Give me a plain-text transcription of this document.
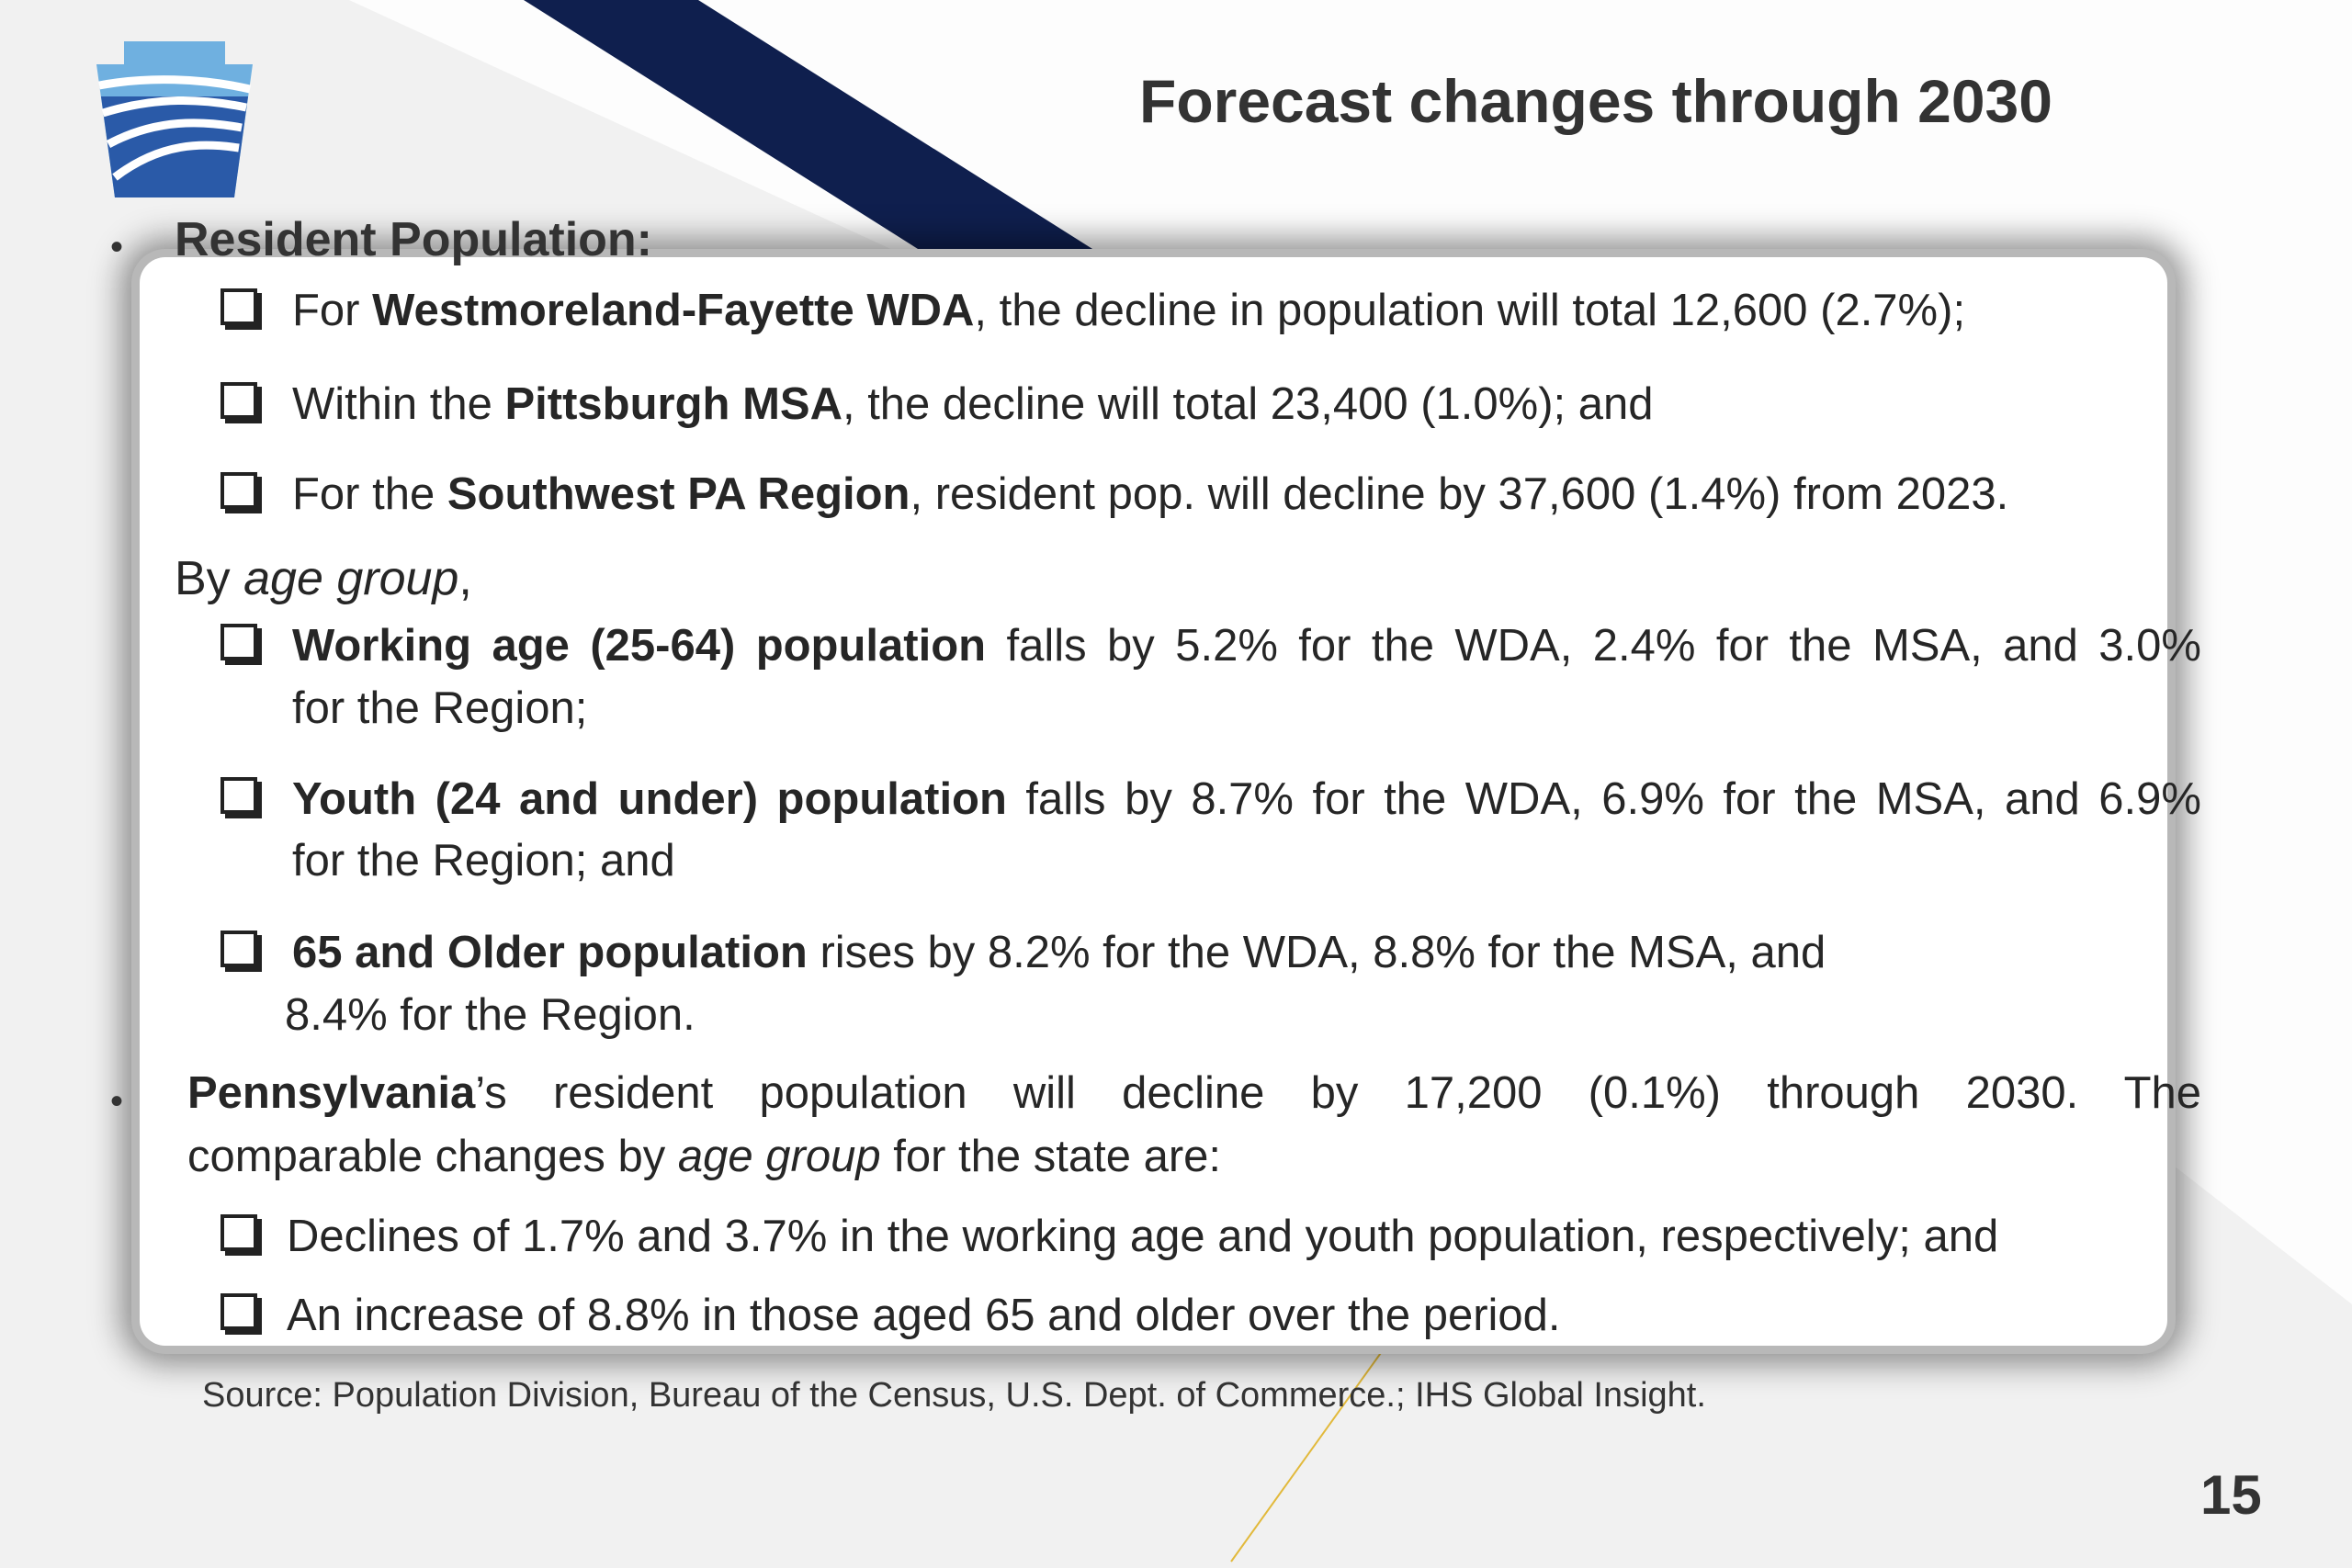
Forecast changes through 2030
• Resident Population:
For Westmoreland-Fayette WDA, the decline in population will total 12,600 (2.7%);
Within the Pittsburgh MSA, the decline will total 23,400 (1.0%); and
For the Southwest PA Region, resident pop. will decline by 37,600 (1.4%) from 2023.
By age group,
Working age (25-64) population falls by 5.2% for the WDA, 2.4% for the MSA, and 3.0%
for the Region;
Youth (24 and under) population falls by 8.7% for the WDA, 6.9% for the MSA, and 6.9%
for the Region; and
65 and Older population rises by 8.2% for the WDA, 8.8% for the MSA, and
8.4% for the Region.
• Pennsylvania’s resident population will decline by 17,200 (0.1%) through 2030. The
comparable changes by age group for the state are:
Declines of 1.7% and 3.7% in the working age and youth population, respectively; and
An increase of 8.8% in those aged 65 and older over the period.
Source: Population Division, Bureau of the Census, U.S. Dept. of Commerce.; IHS Global Insight.
15
